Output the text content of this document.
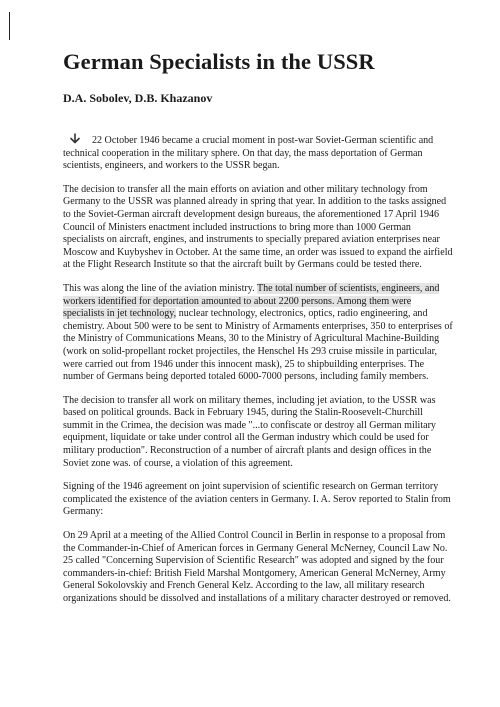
German Specialists in the USSR
D.A. Sobolev, D.B. Khazanov

22 October 1946 became a crucial moment in post-war Soviet-German scientific and technical cooperation in the military sphere. On that day, the mass deportation of German scientists, engineers, and workers to the USSR began.

The decision to transfer all the main efforts on aviation and other military technology from Germany to the USSR was planned already in spring that year. In addition to the tasks assigned to the Soviet-German aircraft development design bureaus, the aforementioned 17 April 1946 Council of Ministers enactment included instructions to bring more than 1000 German specialists on aircraft, engines, and instruments to specially prepared aviation enterprises near Moscow and Kuybyshev in October. At the same time, an order was issued to expand the airfield at the Flight Research Institute so that the aircraft built by Germans could be tested there.

This was along the line of the aviation ministry. The total number of scientists, engineers, and workers identified for deportation amounted to about 2200 persons. Among them were specialists in jet technology, nuclear technology, electronics, optics, radio engineering, and chemistry. About 500 were to be sent to Ministry of Armaments enterprises, 350 to enterprises of the Ministry of Communications Means, 30 to the Ministry of Agricultural Machine-Building (work on solid-propellant rocket projectiles, the Henschel Hs 293 cruise missile in particular, were carried out from 1946 under this innocent mask), 25 to shipbuilding enterprises. The number of Germans being deported totaled 6000-7000 persons, including family members.

The decision to transfer all work on military themes, including jet aviation, to the USSR was based on political grounds. Back in February 1945, during the Stalin-Roosevelt-Churchill summit in the Crimea, the decision was made "...to confiscate or destroy all German military equipment, liquidate or take under control all the German industry which could be used for military production". Reconstruction of a number of aircraft plants and design offices in the Soviet zone was. of course, a violation of this agreement.

Signing of the 1946 agreement on joint supervision of scientific research on German territory complicated the existence of the aviation centers in Germany. I. A. Serov reported to Stalin from Germany:

On 29 April at a meeting of the Allied Control Council in Berlin in response to a proposal from the Commander-in-Chief of American forces in Germany General McNerney, Council Law No. 25 called "Concerning Supervision of Scientific Research" was adopted and signed by the four commanders-in-chief: British Field Marshal Montgomery, American General McNerney, Army General Sokolovskiy and French General Kelz. According to the law, all military research organizations should be dissolved and installations of a military character destroyed or removed.
